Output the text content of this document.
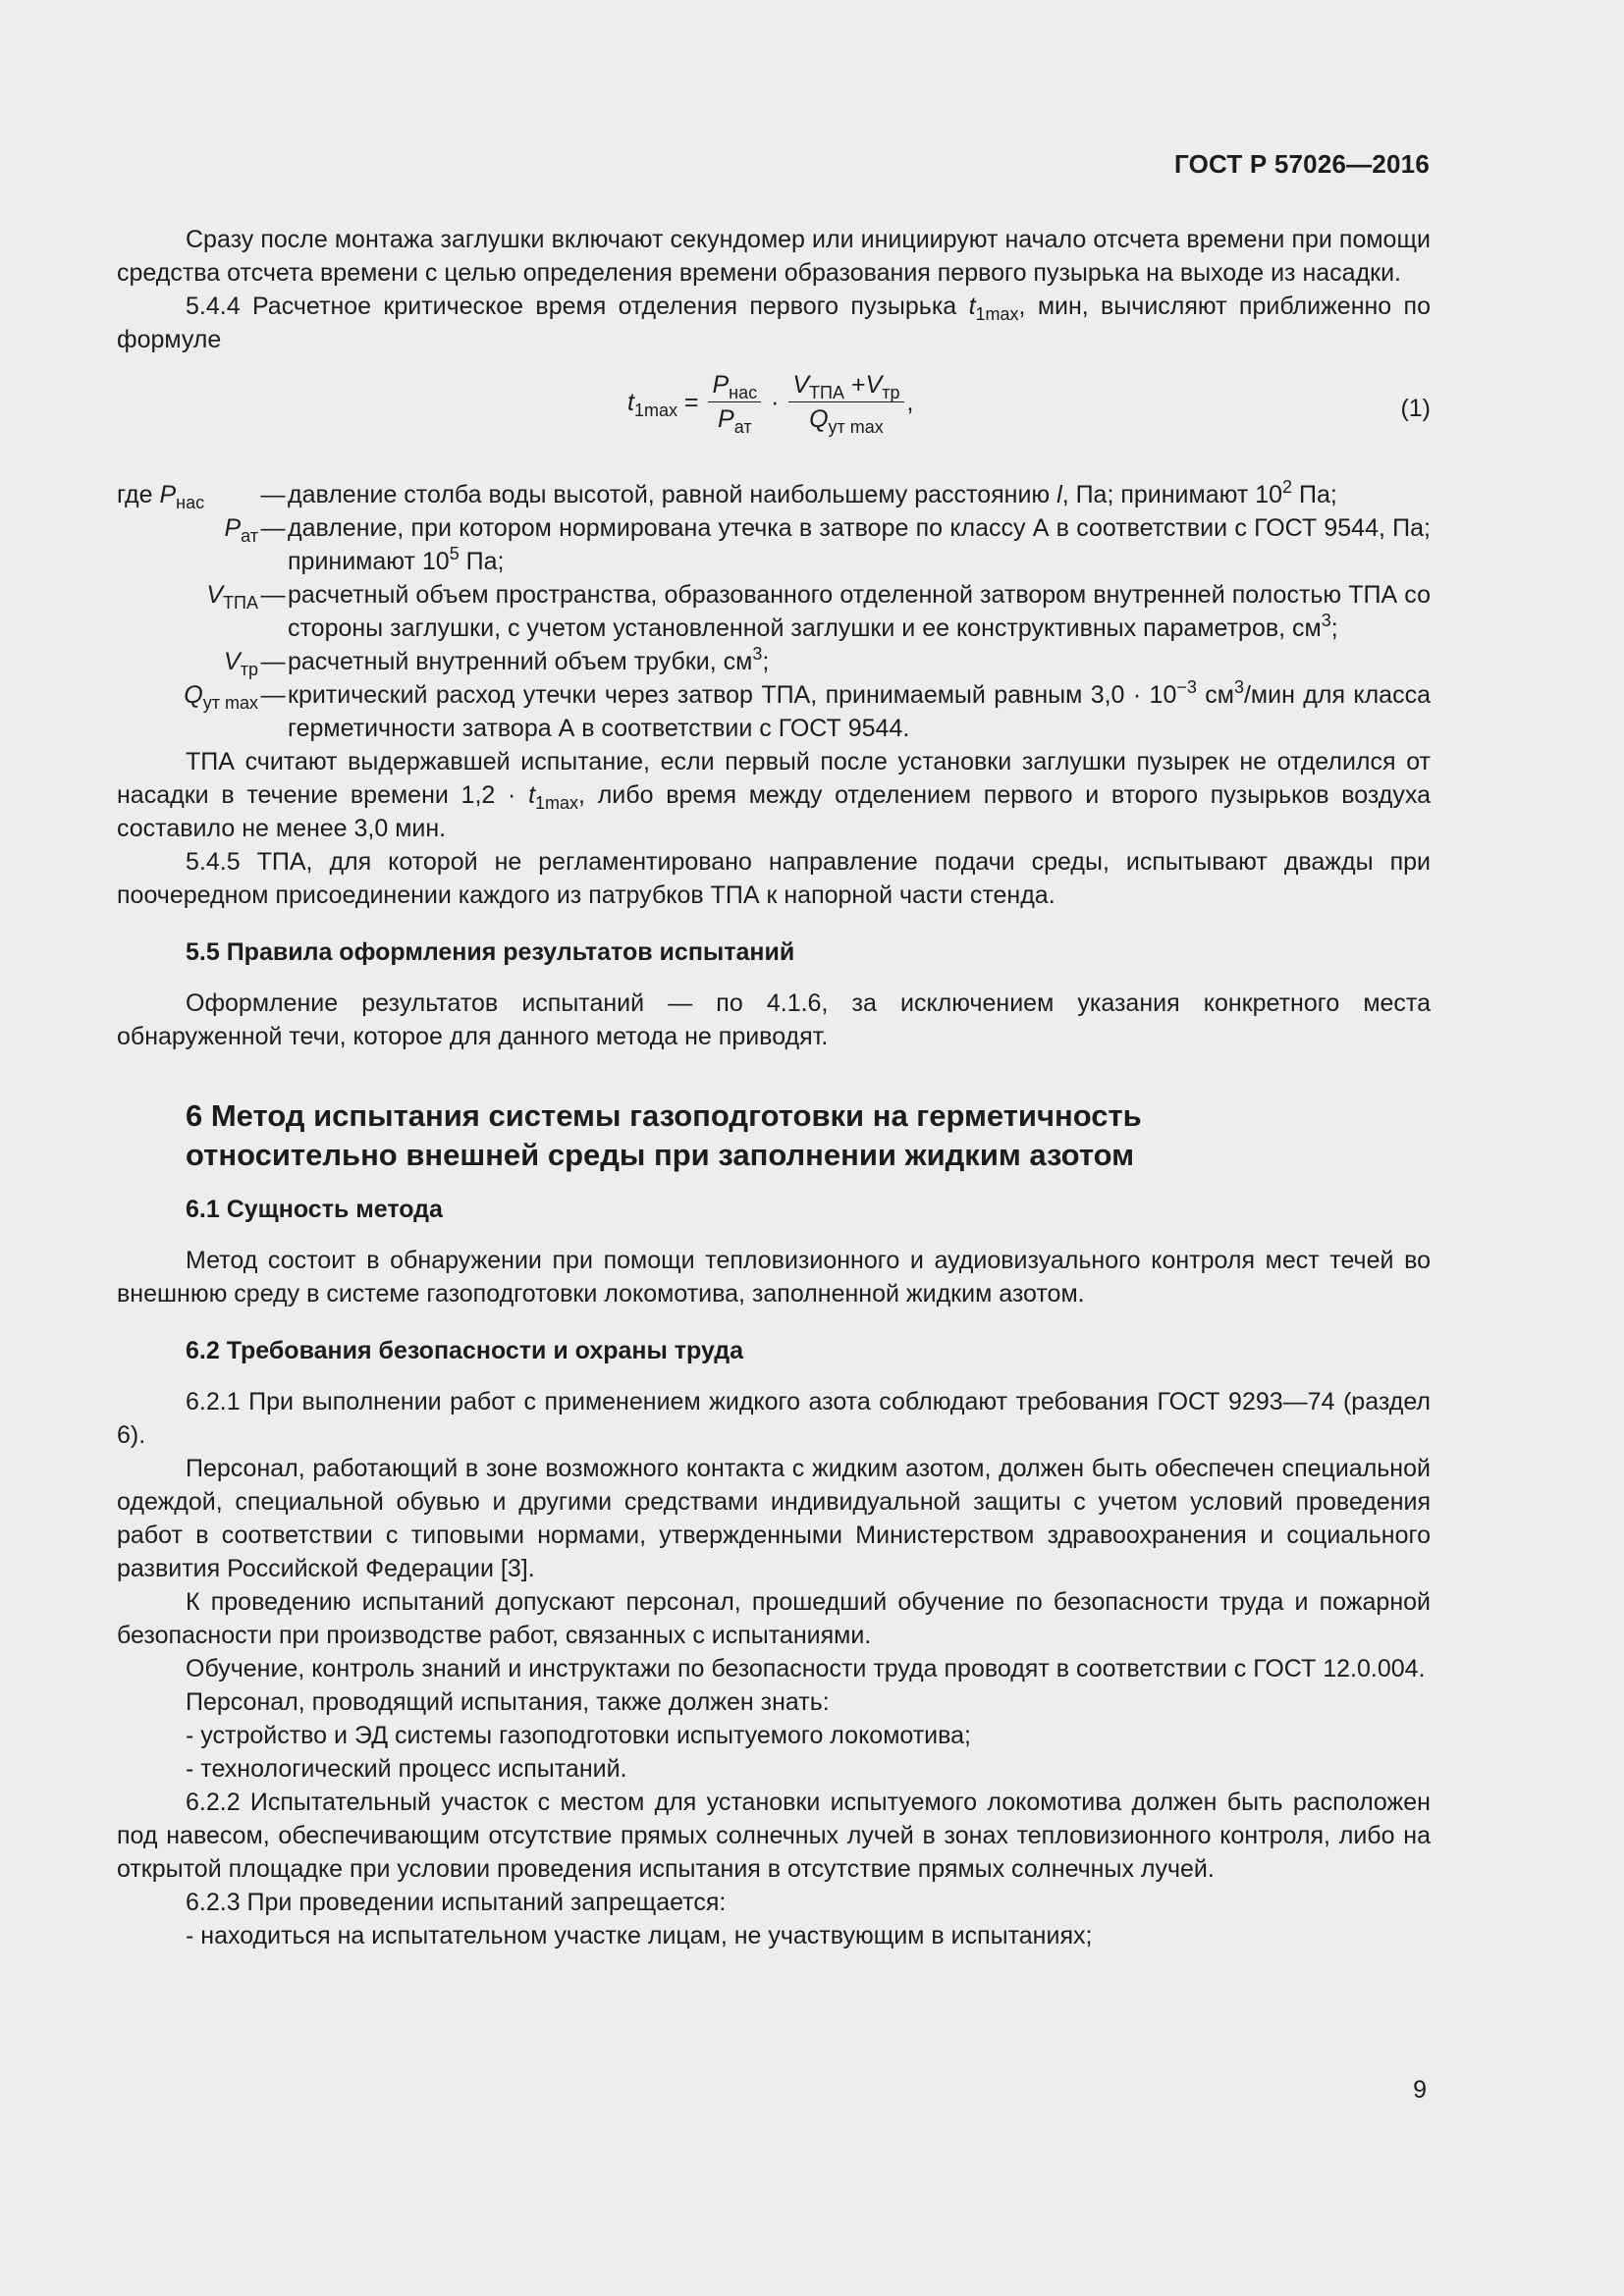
ГОСТ Р 57026—2016

Сразу после монтажа заглушки включают секундомер или инициируют начало отсчета времени при помощи средства отсчета времени с целью определения времени образования первого пузырька на выходе из насадки.

5.4.4 Расчетное критическое время отделения первого пузырька $t_{1max}$, мин, вычисляют приближенно по формуле

$t_{1max} = \frac{P_{нас}}{P_{ат}} \cdot \frac{V_{ТПА} +V_{тр}}{Q_{ут max}}$ ,	(1)
где $P_{нас}$	— давление столба воды высотой, равной наибольшему расстоянию l, Па; принимают $10^2$ Па;
$P_{ат}$ — давление, при котором нормирована утечка в затворе по классу А в соответствии с ГОСТ 9544, Па; принимают $10^5$ Па;
$V_{ТПА}$ — расчетный объем пространства, образованного отделенной затвором внутренней полостью ТПА со стороны заглушки, с учетом установленной заглушки и ее конструктивных параметров, $см^3$;
$V_{тр}$ — расчетный внутренний объем трубки, $см^3$;
$Q_{ут max}$ — критический расход утечки через затвор ТПА, принимаемый равным $3,0 \cdot 10^{-3}$ $см^3$/мин для класса герметичности затвора А в соответствии с ГОСТ 9544.

ТПА считают выдержавшей испытание, если первый после установки заглушки пузырек не отделился от насадки в течение времени $1,2 \cdot t_{1max}$, либо время между отделением первого и второго пузырьков воздуха составило не менее 3,0 мин.

5.4.5 ТПА, для которой не регламентировано направление подачи среды, испытывают дважды при поочередном присоединении каждого из патрубков ТПА к напорной части стенда.

5.5 Правила оформления результатов испытаний

Оформление результатов испытаний — по 4.1.6, за исключением указания конкретного места обнаруженной течи, которое для данного метода не приводят.

6 Метод испытания системы газоподготовки на герметичность
относительно внешней среды при заполнении жидким азотом
6.1 Сущность метода

Метод состоит в обнаружении при помощи тепловизионного и аудиовизуального контроля мест течей во внешнюю среду в системе газоподготовки локомотива, заполненной жидким азотом.

6.2 Требования безопасности и охраны труда

6.2.1 При выполнении работ с применением жидкого азота соблюдают требования ГОСТ 9293—74 (раздел 6).

Персонал, работающий в зоне возможного контакта с жидким азотом, должен быть обеспечен специальной одеждой, специальной обувью и другими средствами индивидуальной защиты с учетом условий проведения работ в соответствии с типовыми нормами, утвержденными Министерством здравоохранения и социального развития Российской Федерации [3].

К проведению испытаний допускают персонал, прошедший обучение по безопасности труда и пожарной безопасности при производстве работ, связанных с испытаниями.

Обучение, контроль знаний и инструктажи по безопасности труда проводят в соответствии с ГОСТ 12.0.004.

Персонал, проводящий испытания, также должен знать:

- устройство и ЭД системы газоподготовки испытуемого локомотива;

- технологический процесс испытаний.

6.2.2 Испытательный участок с местом для установки испытуемого локомотива должен быть расположен под навесом, обеспечивающим отсутствие прямых солнечных лучей в зонах тепловизионного контроля, либо на открытой площадке при условии проведения испытания в отсутствие прямых солнечных лучей.

6.2.3 При проведении испытаний запрещается:

- находиться на испытательном участке лицам, не участвующим в испытаниях;

9
